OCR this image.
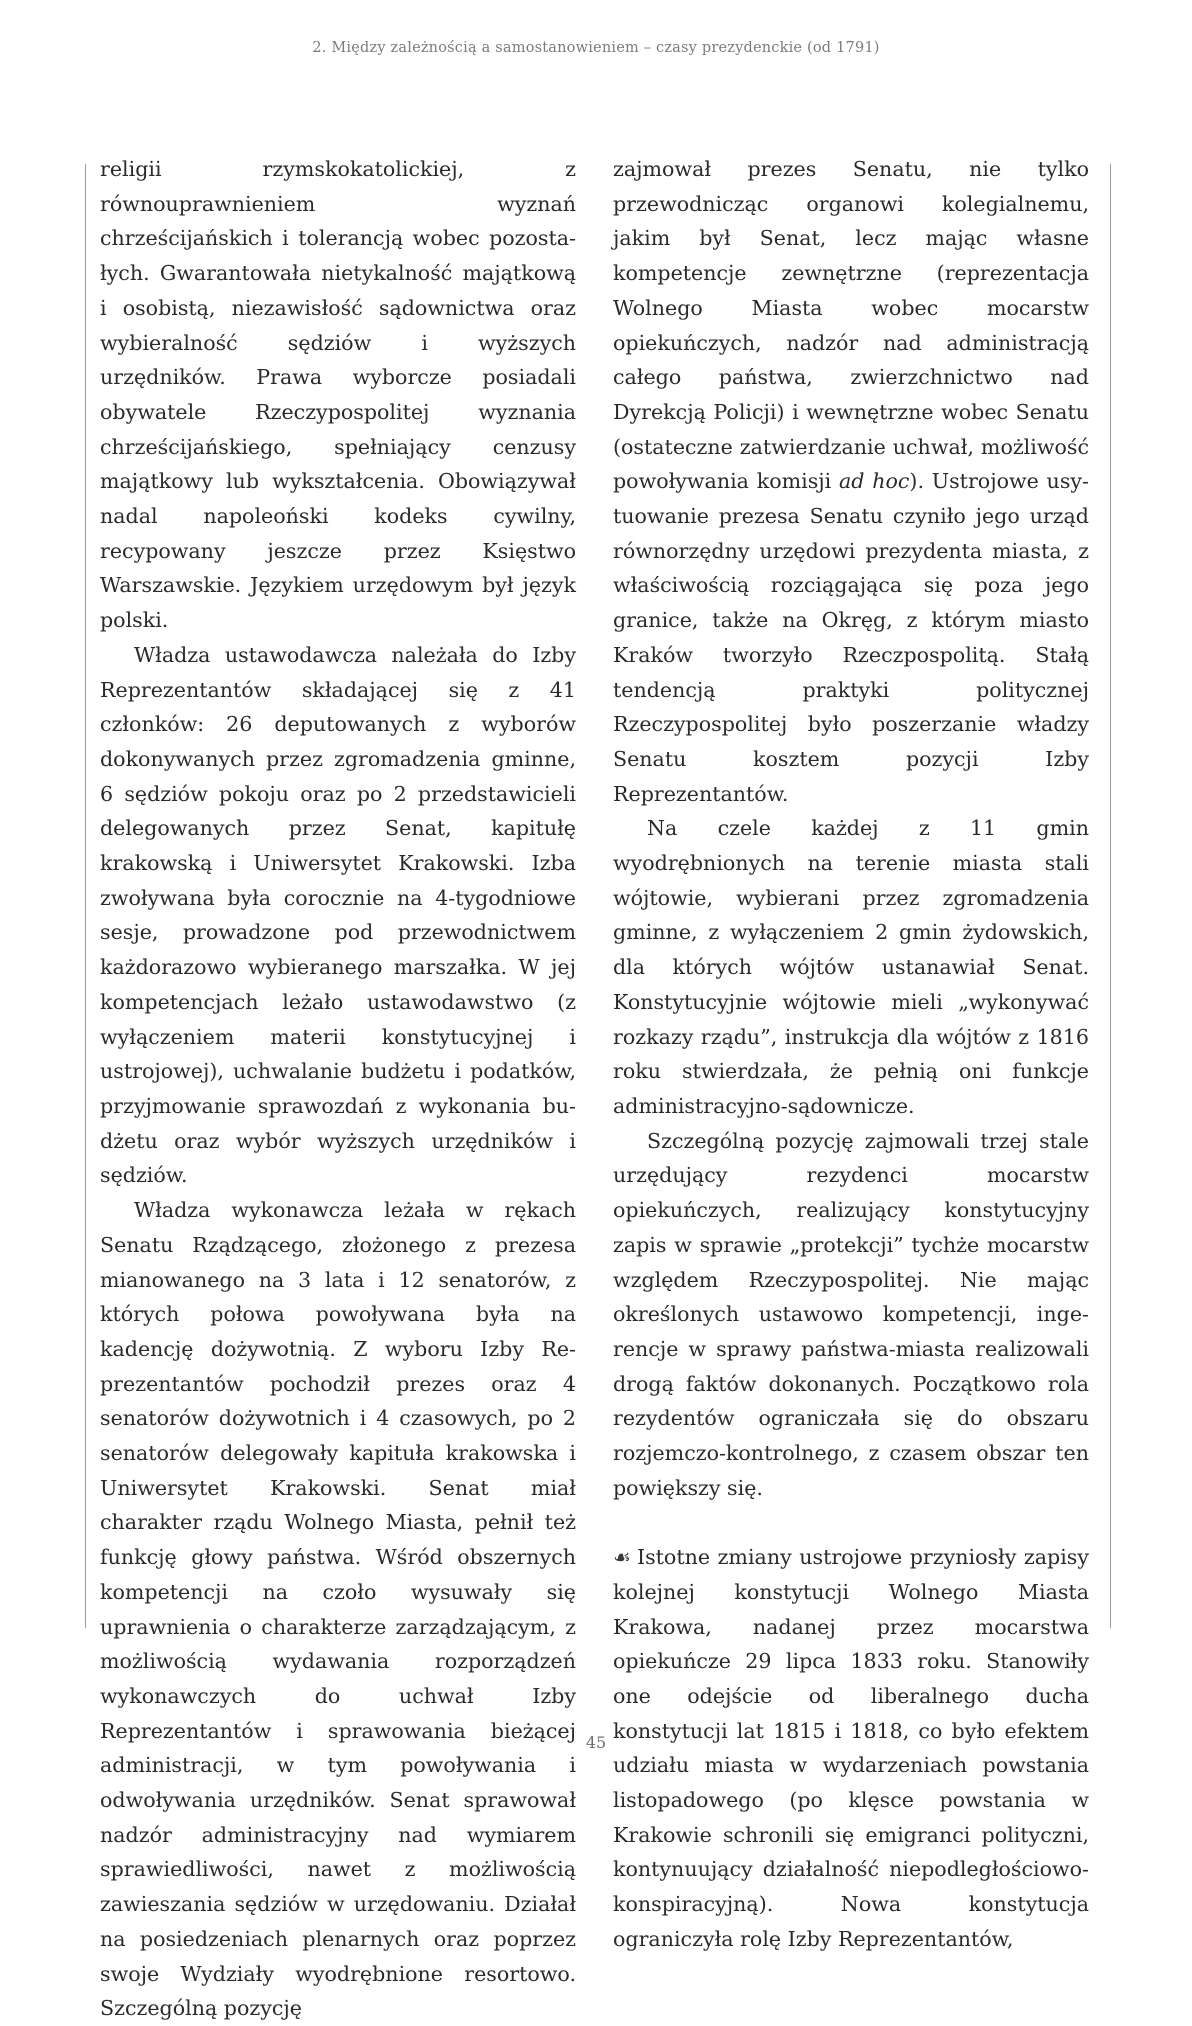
2. Między zależnością a samostanowieniem – czasy prezydenckie (od 1791)

religii rzymskokatolickiej, z równouprawnieniem wyznań chrześcijańskich i tolerancją wobec pozostałych. Gwarantowała nietykalność majątkową i osobistą, niezawisłość sądownictwa oraz wybieralność sędziów i wyższych urzędników. Prawa wyborcze posiadali obywatele Rzeczypospolitej wyznania chrześcijańskiego, spełniający cenzusy majątkowy lub wykształcenia. Obowiązywał nadal napoleoński kodeks cywilny, recypowany jeszcze przez Księstwo Warszawskie. Językiem urzędowym był język polski.

Władza ustawodawcza należała do Izby Reprezentantów składającej się z 41 członków: 26 deputowanych z wyborów dokonywanych przez zgromadzenia gminne, 6 sędziów pokoju oraz po 2 przedstawicieli delegowanych przez Senat, kapitułę krakowską i Uniwersytet Krakowski. Izba zwoływana była corocznie na 4-tygodniowe sesje, prowadzone pod przewodnictwem każdorazowo wybieranego marszałka. W jej kompetencjach leżało ustawodawstwo (z wyłączeniem materii konstytucyjnej i ustrojowej), uchwalanie budżetu i podatków, przyjmowanie sprawozdań z wykonania budżetu oraz wybór wyższych urzędników i sędziów.

Władza wykonawcza leżała w rękach Senatu Rządzącego, złożonego z prezesa mianowanego na 3 lata i 12 senatorów, z których połowa powoływana była na kadencję dożywotnią. Z wyboru Izby Reprezentantów pochodził prezes oraz 4 senatorów dożywotnich i 4 czasowych, po 2 senatorów delegowały kapituła krakowska i Uniwersytet Krakowski. Senat miał charakter rządu Wolnego Miasta, pełnił też funkcję głowy państwa. Wśród obszernych kompetencji na czoło wysuwały się uprawnienia o charakterze zarządzającym, z możliwością wydawania rozporządzeń wykonawczych do uchwał Izby Reprezentantów i sprawowania bieżącej administracji, w tym powoływania i odwoływania urzędników. Senat sprawował nadzór administracyjny nad wymiarem sprawiedliwości, nawet z możliwością zawieszania sędziów w urzędowaniu. Działał na posiedzeniach plenarnych oraz poprzez swoje Wydziały wyodrębnione resortowo. Szczególną pozycję

zajmował prezes Senatu, nie tylko przewodnicząc organowi kolegialnemu, jakim był Senat, lecz mając własne kompetencje zewnętrzne (reprezentacja Wolnego Miasta wobec mocarstw opiekuńczych, nadzór nad administracją całego państwa, zwierzchnictwo nad Dyrekcją Policji) i wewnętrzne wobec Senatu (ostateczne zatwierdzanie uchwał, możliwość powoływania komisji ad hoc). Ustrojowe usytuowanie prezesa Senatu czyniło jego urząd równorzędny urzędowi prezydenta miasta, z właściwością rozciągająca się poza jego granice, także na Okręg, z którym miasto Kraków tworzyło Rzeczpospolitą. Stałą tendencją praktyki politycznej Rzeczypospolitej było poszerzanie władzy Senatu kosztem pozycji Izby Reprezentantów.

Na czele każdej z 11 gmin wyodrębnionych na terenie miasta stali wójtowie, wybierani przez zgromadzenia gminne, z wyłączeniem 2 gmin żydowskich, dla których wójtów ustanawiał Senat. Konstytucyjnie wójtowie mieli „wykonywać rozkazy rządu”, instrukcja dla wójtów z 1816 roku stwierdzała, że pełnią oni funkcje administracyjno-sądownicze.

Szczególną pozycję zajmowali trzej stale urzędujący rezydenci mocarstw opiekuńczych, realizujący konstytucyjny zapis w sprawie „protekcji” tychże mocarstw względem Rzeczypospolitej. Nie mając określonych ustawowo kompetencji, ingerencje w sprawy państwa-miasta realizowali drogą faktów dokonanych. Początkowo rola rezydentów ograniczała się do obszaru rozjemczo-kontrolnego, z czasem obszar ten powiększy się.

☙ Istotne zmiany ustrojowe przyniosły zapisy kolejnej konstytucji Wolnego Miasta Krakowa, nadanej przez mocarstwa opiekuńcze 29 lipca 1833 roku. Stanowiły one odejście od liberalnego ducha konstytucji lat 1815 i 1818, co było efektem udziału miasta w wydarzeniach powstania listopadowego (po klęsce powstania w Krakowie schronili się emigranci polityczni, kontynuujący działalność niepodległościowo-konspiracyjną). Nowa konstytucja ograniczyła rolę Izby Reprezentantów,

45
